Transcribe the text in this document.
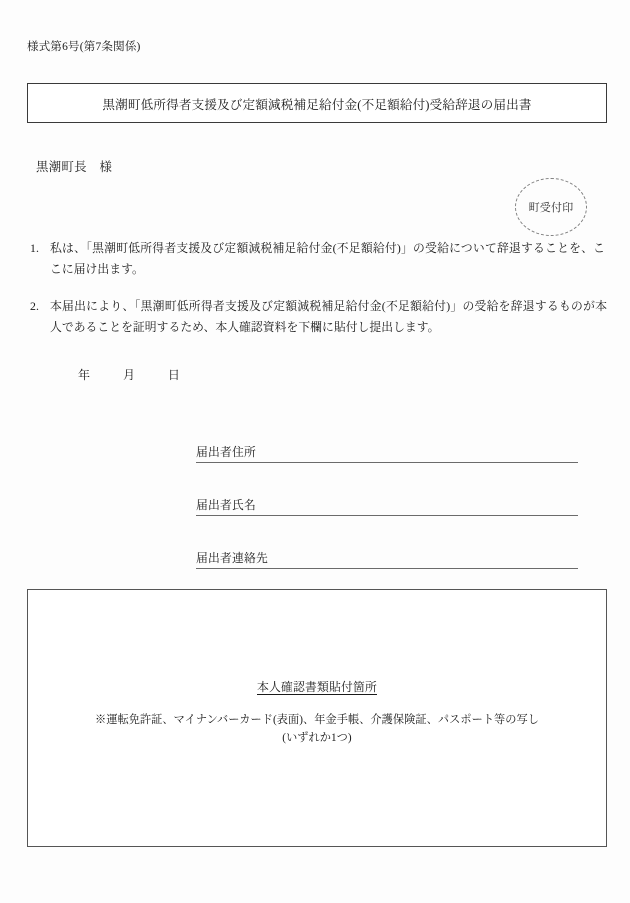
様式第6号(第7条関係)
黒潮町低所得者支援及び定額減税補足給付金(不足額給付)受給辞退の届出書
黒潮町長　様
町受付印
1. 私は、「黒潮町低所得者支援及び定額減税補足給付金(不足額給付)」の受給について辞退することを、ここに届け出ます。
2. 本届出により、「黒潮町低所得者支援及び定額減税補足給付金(不足額給付)」の受給を辞退するものが本人であることを証明するため、本人確認資料を下欄に貼付し提出します。
年	月	日
届出者住所
届出者氏名
届出者連絡先
本人確認書類貼付箇所
※運転免許証、マイナンバーカード(表面)、年金手帳、介護保険証、パスポート等の写し
(いずれか1つ)
